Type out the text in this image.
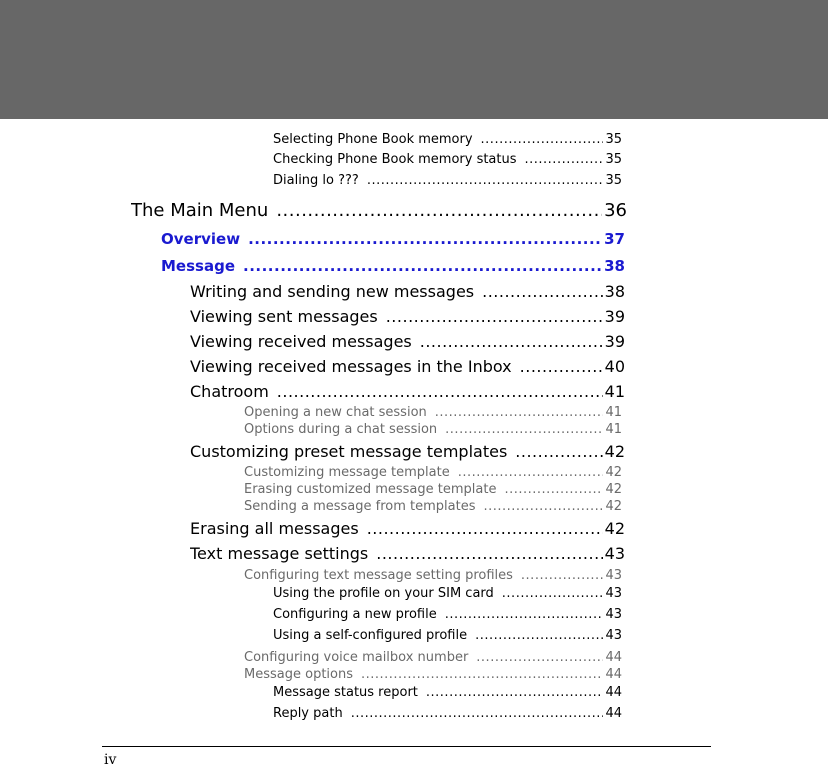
Selecting Phone Book memory .....	35
Checking Phone Book memory status .....	35
Dialing lo ??? .....	35
The Main Menu .....	36
Overview .....	37
Message .....	38
Writing and sending new messages .....	38
Viewing sent messages .....	39
Viewing received messages .....	39
Viewing received messages in the Inbox .....	40
Chatroom .....	41
Opening a new chat session .....	41
Options during a chat session .....	41
Customizing preset message templates .....	42
Customizing message template .....	42
Erasing customized message template .....	42
Sending a message from templates .....	42
Erasing all messages .....	42
Text message settings .....	43
Configuring text message setting profiles .....	43
Using the profile on your SIM card .....	43
Configuring a new profile .....	43
Using a self-configured profile .....	43
Configuring voice mailbox number .....	44
Message options .....	44
Message status report .....	44
Reply path .....	44
iv
